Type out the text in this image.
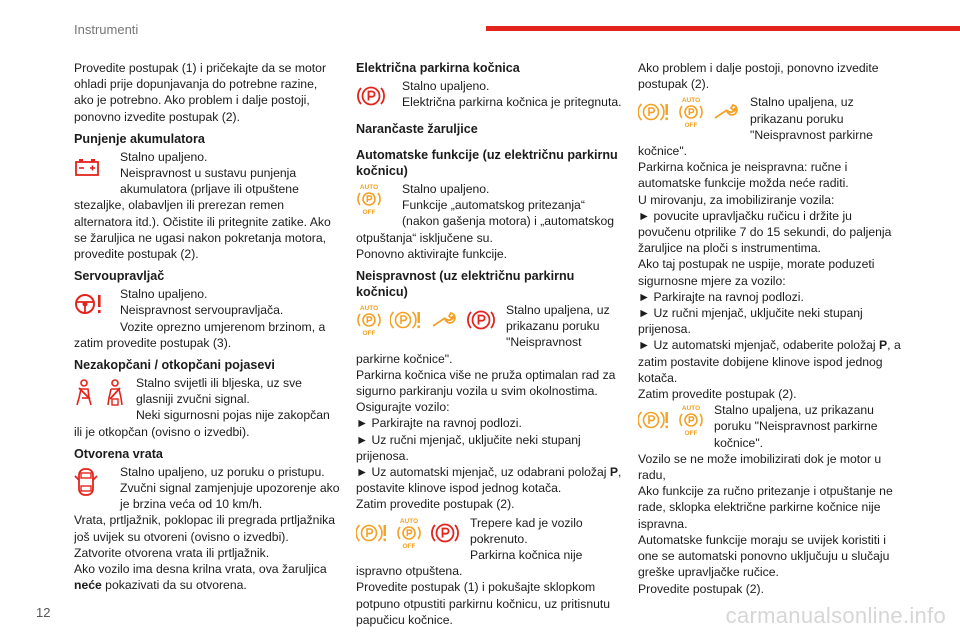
Instrumenti

Provedite postupak (1) i pričekajte da se motor ohladi prije dopunjavanja do potrebne razine, ako je potrebno. Ako problem i dalje postoji, ponovno izvedite postupak (2).

Punjenje akumulatora

Stalno upaljeno.
Neispravnost u sustavu punjenja akumulatora (prljave ili otpuštene stezaljke, olabavljen ili prerezan remen alternatora itd.). Očistite ili pritegnite zatike. Ako se žaruljica ne ugasi nakon pokretanja motora, provedite postupak (2).

Servoupravljač

Stalno upaljeno.
Neispravnost servoupravljača.
Vozite oprezno umjerenom brzinom, a zatim provedite postupak (3).

Nezakopčani / otkopčani pojasevi

Stalno svijetli ili bljeska, uz sve glasniji zvučni signal.
Neki sigurnosni pojas nije zakopčan ili je otkopčan (ovisno o izvedbi).

Otvorena vrata

Stalno upaljeno, uz poruku o pristupu.
Zvučni signal zamjenjuje upozorenje ako je brzina veća od 10 km/h.
Vrata, prtljažnik, poklopac ili pregrada prtljažnika još uvijek su otvoreni (ovisno o izvedbi).
Zatvorite otvorena vrata ili prtljažnik.
Ako vozilo ima desna krilna vrata, ova žaruljica neće pokazivati da su otvorena.

Električna parkirna kočnica

Stalno upaljeno.
Električna parkirna kočnica je pritegnuta.

Narančaste žaruljice
Automatske funkcije (uz električnu parkirnu kočnicu)
AUTO
OFF

Stalno upaljeno.
Funkcije „automatskog pritezanja“ (nakon gašenja motora) i „automatskog otpuštanja“ isključene su.
Ponovno aktivirajte funkcije.

Neispravnost (uz električnu parkirnu kočnicu)
AUTO
OFF

Stalno upaljena, uz prikazanu poruku "Neispravnost parkirne kočnice".
Parkirna kočnica više ne pruža optimalan rad za sigurno parkiranju vozila u svim okolnostima.
Osigurajte vozilo:
► Parkirajte na ravnoj podlozi.
► Uz ručni mjenjač, uključite neki stupanj prijenosa.
► Uz automatski mjenjač, uz odabrani položaj P, postavite klinove ispod jednog kotača.
Zatim provedite postupak (2).

AUTO
OFF

Trepere kad je vozilo pokrenuto.
Parkirna kočnica nije ispravno otpuštena.
Provedite postupak (1) i pokušajte sklopkom potpuno otpustiti parkirnu kočnicu, uz pritisnutu papučicu kočnice.

Ako problem i dalje postoji, ponovno izvedite postupak (2).

AUTO
OFF

Stalno upaljena, uz prikazanu poruku "Neispravnost parkirne kočnice".
Parkirna kočnica je neispravna: ručne i automatske funkcije možda neće raditi.
U mirovanju, za imobiliziranje vozila:
► povucite upravljačku ručicu i držite ju povučenu otprilike 7 do 15 sekundi, do paljenja žaruljice na ploči s instrumentima.
Ako taj postupak ne uspije, morate poduzeti sigurnosne mjere za vozilo:
► Parkirajte na ravnoj podlozi.
► Uz ručni mjenjač, uključite neki stupanj prijenosa.
► Uz automatski mjenjač, odaberite položaj P, a zatim postavite dobijene klinove ispod jednog kotača.
Zatim provedite postupak (2).

AUTO
OFF

Stalno upaljena, uz prikazanu poruku "Neispravnost parkirne kočnice".
Vozilo se ne može imobilizirati dok je motor u radu,
Ako funkcije za ručno pritezanje i otpuštanje ne rade, sklopka električne parkirne kočnice nije ispravna.
Automatske funkcije moraju se uvijek koristiti i one se automatski ponovno uključuju u slučaju greške upravljačke ručice.
Provedite postupak (2).

12	carmanualsonline.info
